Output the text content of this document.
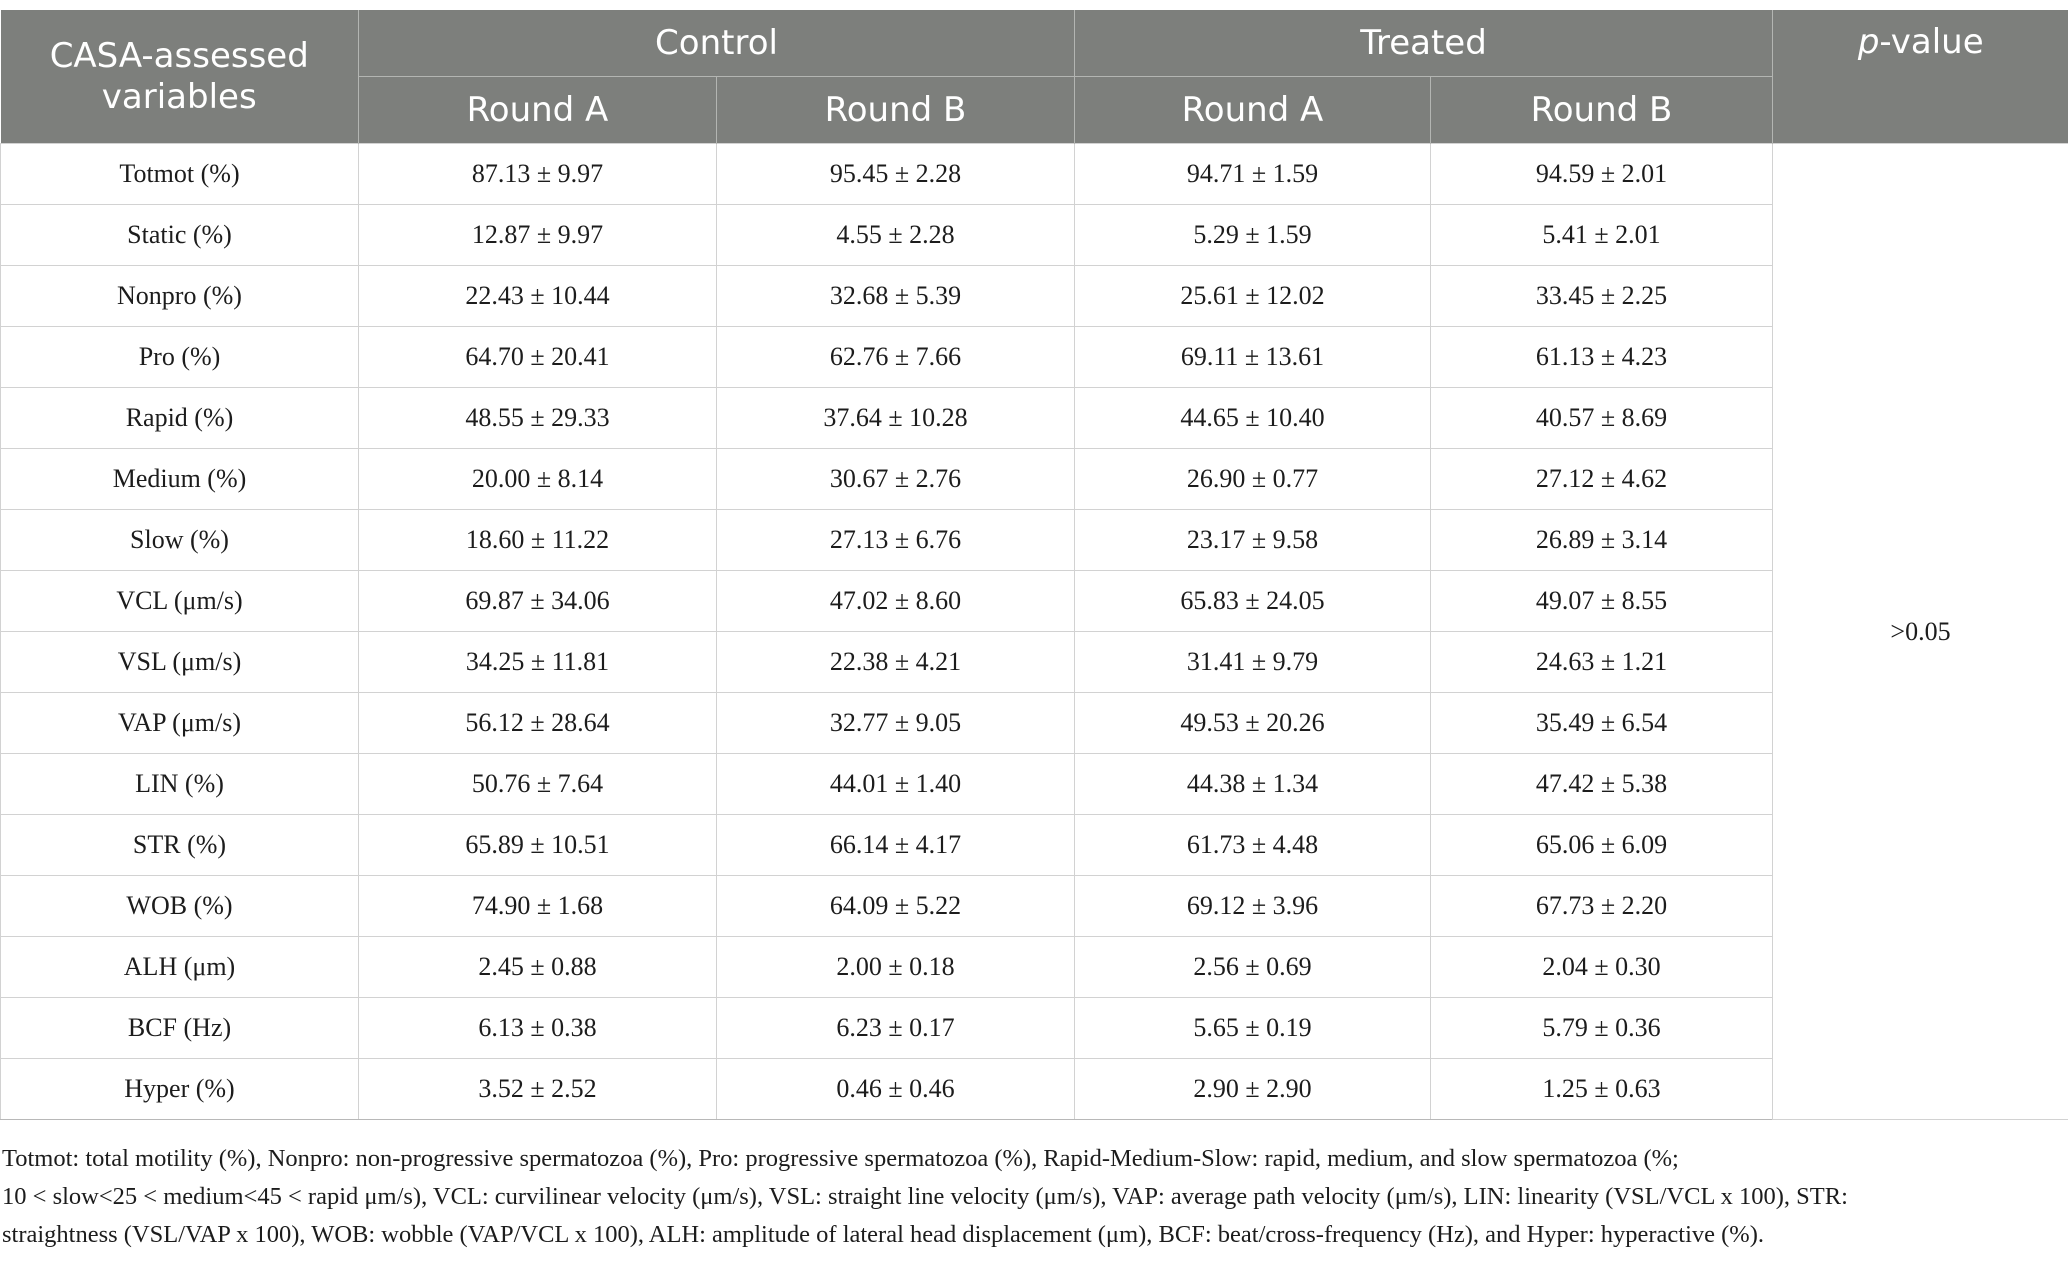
CASA-assessed variables	Control		Treated		p-value
	Round A	Round B	Round A	Round B	
Totmot (%)	87.13 ± 9.97	95.45 ± 2.28	94.71 ± 1.59	94.59 ± 2.01	>0.05
Static (%)	12.87 ± 9.97	4.55 ± 2.28	5.29 ± 1.59	5.41 ± 2.01	
Nonpro (%)	22.43 ± 10.44	32.68 ± 5.39	25.61 ± 12.02	33.45 ± 2.25	
Pro (%)	64.70 ± 20.41	62.76 ± 7.66	69.11 ± 13.61	61.13 ± 4.23	
Rapid (%)	48.55 ± 29.33	37.64 ± 10.28	44.65 ± 10.40	40.57 ± 8.69	
Medium (%)	20.00 ± 8.14	30.67 ± 2.76	26.90 ± 0.77	27.12 ± 4.62	
Slow (%)	18.60 ± 11.22	27.13 ± 6.76	23.17 ± 9.58	26.89 ± 3.14	
VCL (μm/s)	69.87 ± 34.06	47.02 ± 8.60	65.83 ± 24.05	49.07 ± 8.55	
VSL (μm/s)	34.25 ± 11.81	22.38 ± 4.21	31.41 ± 9.79	24.63 ± 1.21	
VAP (μm/s)	56.12 ± 28.64	32.77 ± 9.05	49.53 ± 20.26	35.49 ± 6.54	
LIN (%)	50.76 ± 7.64	44.01 ± 1.40	44.38 ± 1.34	47.42 ± 5.38	
STR (%)	65.89 ± 10.51	66.14 ± 4.17	61.73 ± 4.48	65.06 ± 6.09	
WOB (%)	74.90 ± 1.68	64.09 ± 5.22	69.12 ± 3.96	67.73 ± 2.20	
ALH (μm)	2.45 ± 0.88	2.00 ± 0.18	2.56 ± 0.69	2.04 ± 0.30	
BCF (Hz)	6.13 ± 0.38	6.23 ± 0.17	5.65 ± 0.19	5.79 ± 0.36	
Hyper (%)	3.52 ± 2.52	0.46 ± 0.46	2.90 ± 2.90	1.25 ± 0.63	
Totmot: total motility (%), Nonpro: non-progressive spermatozoa (%), Pro: progressive spermatozoa (%), Rapid-Medium-Slow: rapid, medium, and slow spermatozoa (%;
10 < slow<25 < medium<45 < rapid μm/s), VCL: curvilinear velocity (μm/s), VSL: straight line velocity (μm/s), VAP: average path velocity (μm/s), LIN: linearity (VSL/VCL x 100), STR:
straightness (VSL/VAP x 100), WOB: wobble (VAP/VCL x 100), ALH: amplitude of lateral head displacement (μm), BCF: beat/cross-frequency (Hz), and Hyper: hyperactive (%).
